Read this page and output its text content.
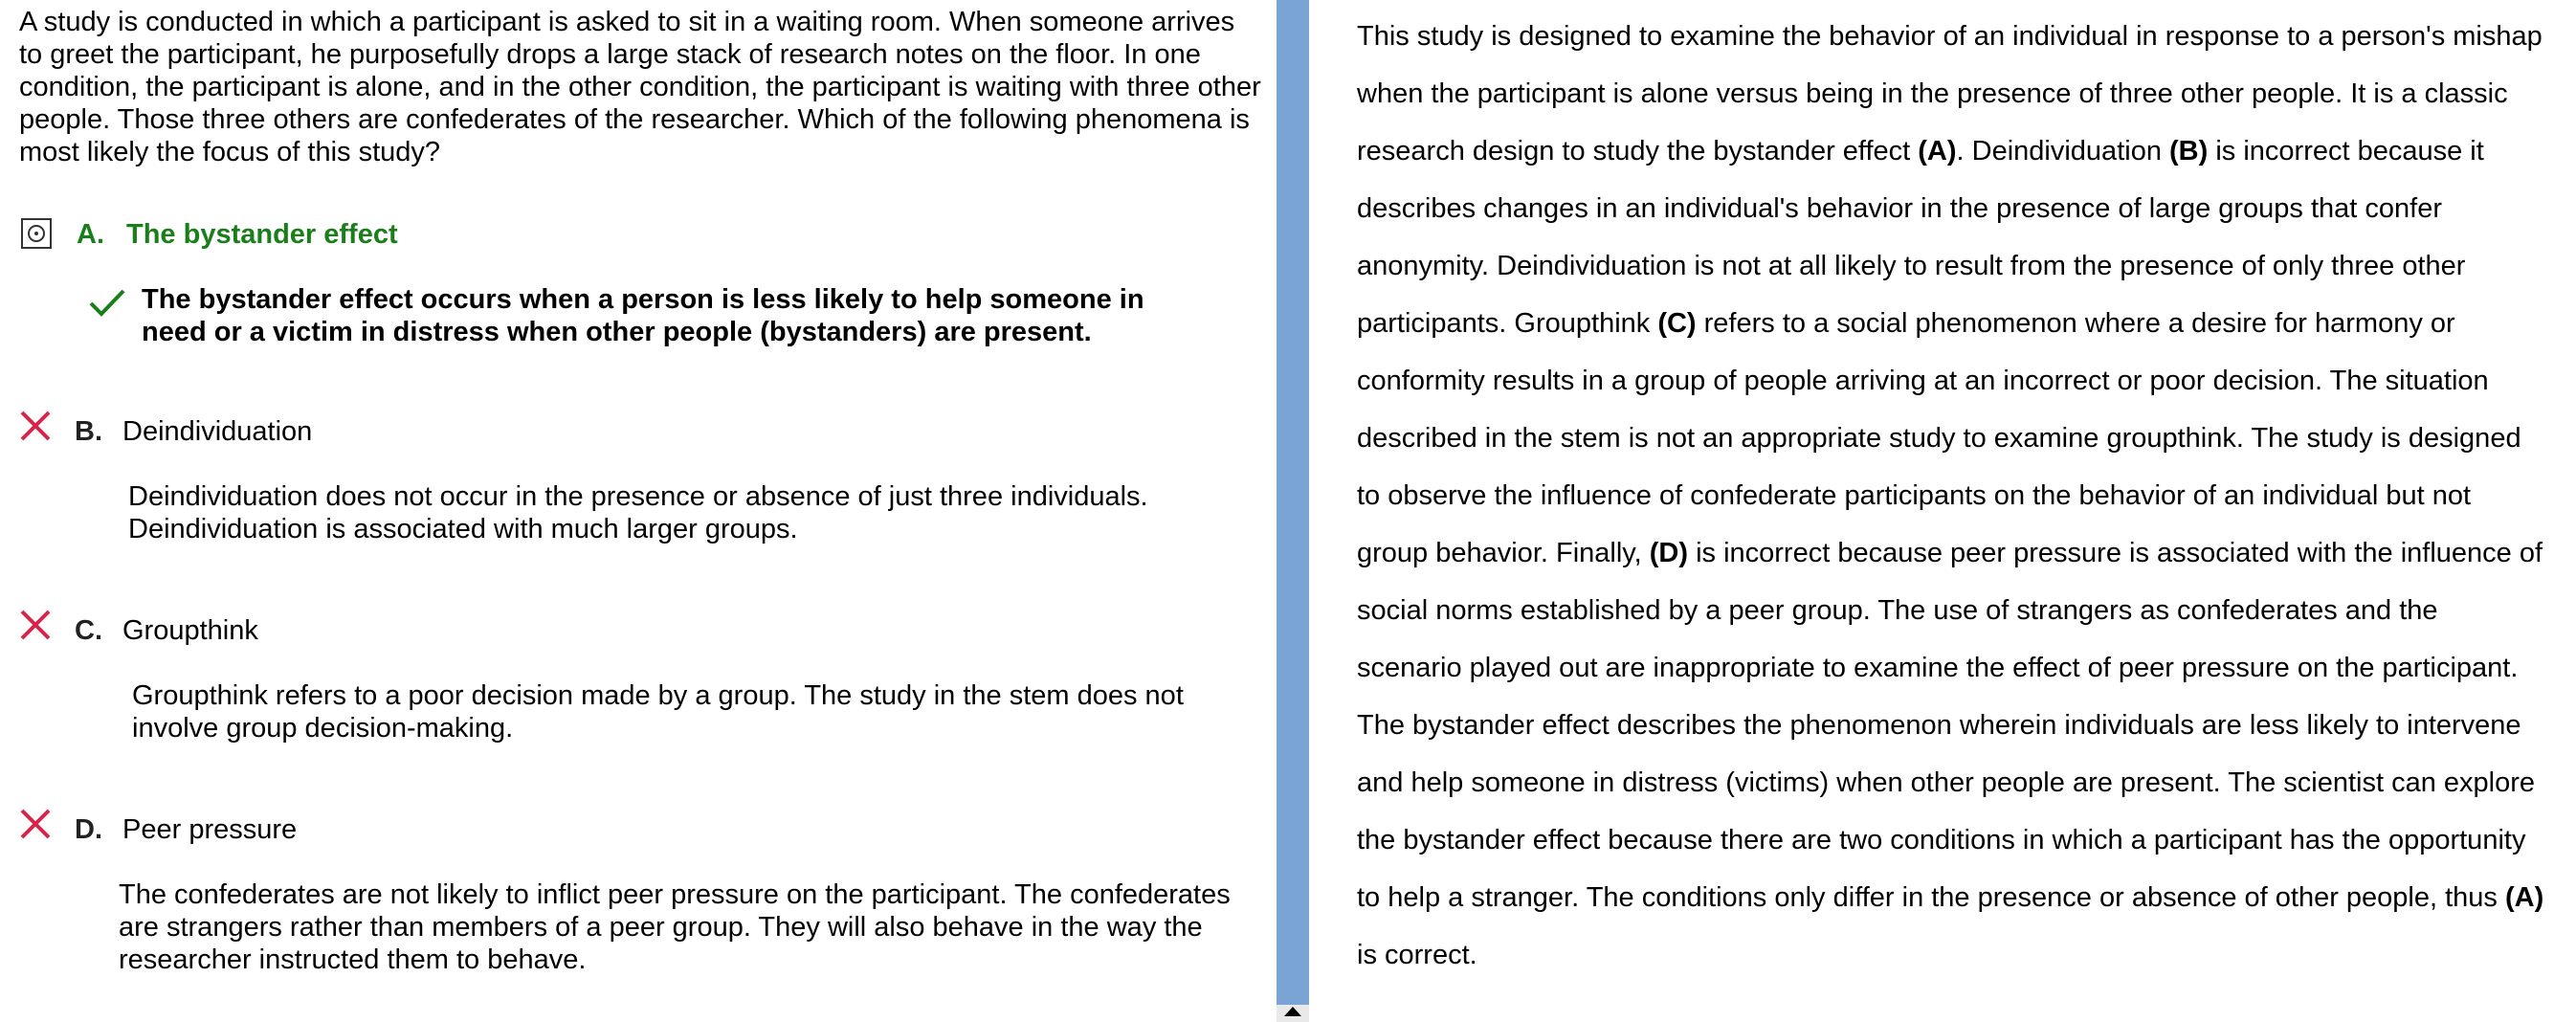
A study is conducted in which a participant is asked to sit in a waiting room. When someone arrives to greet the participant, he purposefully drops a large stack of research notes on the floor. In one condition, the participant is alone, and in the other condition, the participant is waiting with three other people. Those three others are confederates of the researcher. Which of the following phenomena is most likely the focus of this study?

A. The bystander effect

The bystander effect occurs when a person is less likely to help someone in need or a victim in distress when other people (bystanders) are present.

B. Deindividuation

Deindividuation does not occur in the presence or absence of just three individuals. Deindividuation is associated with much larger groups.

C. Groupthink

Groupthink refers to a poor decision made by a group. The study in the stem does not involve group decision-making.

D. Peer pressure

The confederates are not likely to inflict peer pressure on the participant. The confederates are strangers rather than members of a peer group. They will also behave in the way the researcher instructed them to behave.

This study is designed to examine the behavior of an individual in response to a person's mishap when the participant is alone versus being in the presence of three other people. It is a classic research design to study the bystander effect (A). Deindividuation (B) is incorrect because it describes changes in an individual's behavior in the presence of large groups that confer anonymity. Deindividuation is not at all likely to result from the presence of only three other participants. Groupthink (C) refers to a social phenomenon where a desire for harmony or conformity results in a group of people arriving at an incorrect or poor decision. The situation described in the stem is not an appropriate study to examine groupthink. The study is designed to observe the influence of confederate participants on the behavior of an individual but not group behavior. Finally, (D) is incorrect because peer pressure is associated with the influence of social norms established by a peer group. The use of strangers as confederates and the scenario played out are inappropriate to examine the effect of peer pressure on the participant. The bystander effect describes the phenomenon wherein individuals are less likely to intervene and help someone in distress (victims) when other people are present. The scientist can explore the bystander effect because there are two conditions in which a participant has the opportunity to help a stranger. The conditions only differ in the presence or absence of other people, thus (A) is correct.
